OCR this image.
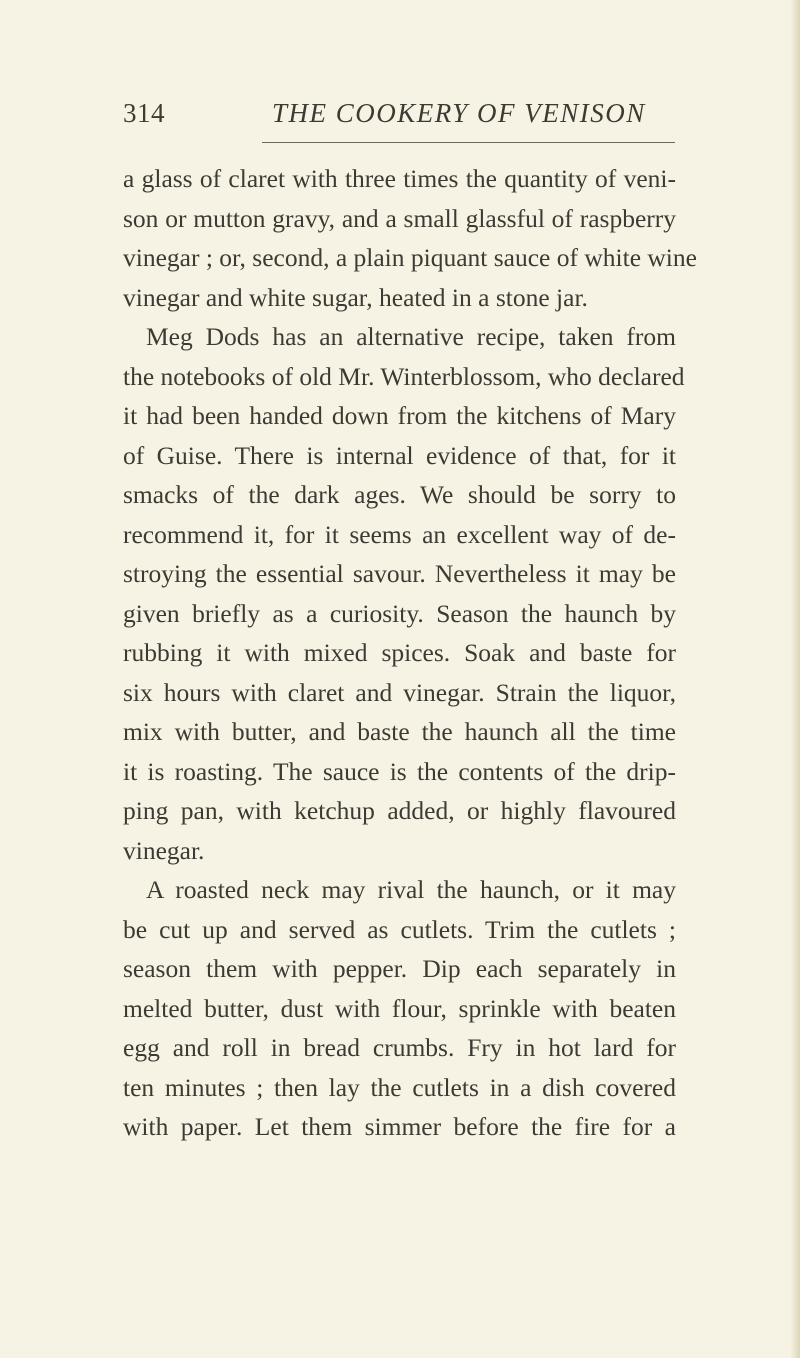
314	THE COOKERY OF VENISON
a glass of claret with three times the quantity of veni-
son or mutton gravy, and a small glassful of raspberry
vinegar ; or, second, a plain piquant sauce of white wine
vinegar and white sugar, heated in a stone jar.
Meg Dods has an alternative recipe, taken from
the notebooks of old Mr. Winterblossom, who declared
it had been handed down from the kitchens of Mary
of Guise. There is internal evidence of that, for it
smacks of the dark ages. We should be sorry to
recommend it, for it seems an excellent way of de-
stroying the essential savour. Nevertheless it may be
given briefly as a curiosity. Season the haunch by
rubbing it with mixed spices. Soak and baste for
six hours with claret and vinegar. Strain the liquor,
mix with butter, and baste the haunch all the time
it is roasting. The sauce is the contents of the drip-
ping pan, with ketchup added, or highly flavoured
vinegar.
A roasted neck may rival the haunch, or it may
be cut up and served as cutlets. Trim the cutlets ;
season them with pepper. Dip each separately in
melted butter, dust with flour, sprinkle with beaten
egg and roll in bread crumbs. Fry in hot lard for
ten minutes ; then lay the cutlets in a dish covered
with paper. Let them simmer before the fire for a
